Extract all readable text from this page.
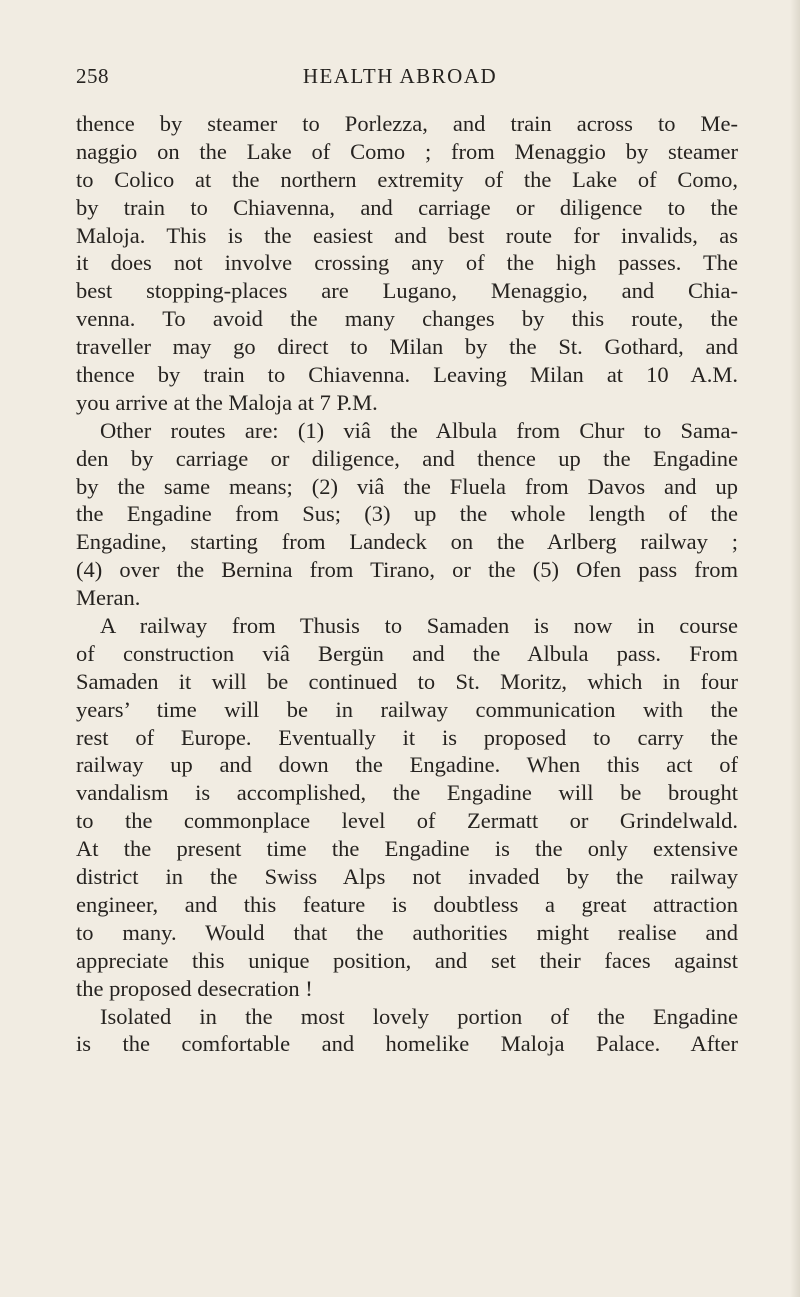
258	HEALTH ABROAD
thence by steamer to Porlezza, and train across to Me-
naggio on the Lake of Como ; from Menaggio by steamer
to Colico at the northern extremity of the Lake of Como,
by train to Chiavenna, and carriage or diligence to the
Maloja. This is the easiest and best route for invalids, as
it does not involve crossing any of the high passes. The
best stopping-places are Lugano, Menaggio, and Chia-
venna. To avoid the many changes by this route, the
traveller may go direct to Milan by the St. Gothard, and
thence by train to Chiavenna. Leaving Milan at 10 A.M.
you arrive at the Maloja at 7 P.M.
Other routes are: (1) viâ the Albula from Chur to Sama-
den by carriage or diligence, and thence up the Engadine
by the same means; (2) viâ the Fluela from Davos and up
the Engadine from Sus; (3) up the whole length of the
Engadine, starting from Landeck on the Arlberg railway ;
(4) over the Bernina from Tirano, or the (5) Ofen pass from
Meran.
A railway from Thusis to Samaden is now in course
of construction viâ Bergün and the Albula pass. From
Samaden it will be continued to St. Moritz, which in four
years’ time will be in railway communication with the
rest of Europe. Eventually it is proposed to carry the
railway up and down the Engadine. When this act of
vandalism is accomplished, the Engadine will be brought
to the commonplace level of Zermatt or Grindelwald.
At the present time the Engadine is the only extensive
district in the Swiss Alps not invaded by the railway
engineer, and this feature is doubtless a great attraction
to many. Would that the authorities might realise and
appreciate this unique position, and set their faces against
the proposed desecration !
Isolated in the most lovely portion of the Engadine
is the comfortable and homelike Maloja Palace. After
